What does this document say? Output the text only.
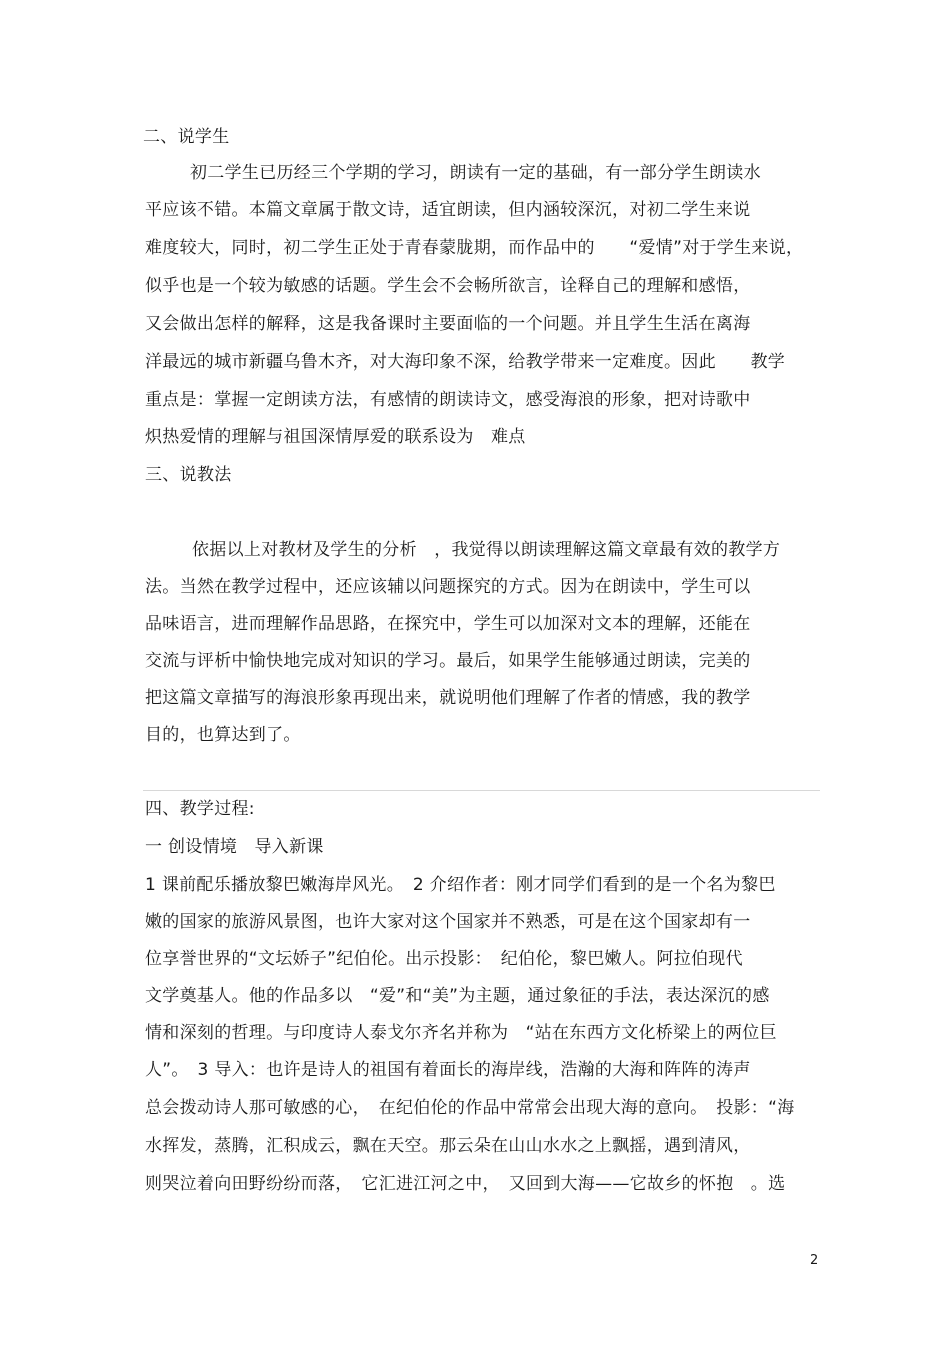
二、说学生
初二学生已历经三个学期的学习，朗读有一定的基础，有一部分学生朗读水
平应该不错。本篇文章属于散文诗，适宜朗读，但内涵较深沉，对初二学生来说
难度较大，同时，初二学生正处于青春蒙胧期，而作品中的　　“爱情”对于学生来说，
似乎也是一个较为敏感的话题。学生会不会畅所欲言，诠释自己的理解和感悟，
又会做出怎样的解释，这是我备课时主要面临的一个问题。并且学生生活在离海
洋最远的城市新疆乌鲁木齐，对大海印象不深，给教学带来一定难度。因此　　教学
重点是：掌握一定朗读方法，有感情的朗读诗文，感受海浪的形象，把对诗歌中
炽热爱情的理解与祖国深情厚爱的联系设为　难点
三、说教法
依据以上对教材及学生的分析　，我觉得以朗读理解这篇文章最有效的教学方
法。当然在教学过程中，还应该辅以问题探究的方式。因为在朗读中，学生可以
品味语言，进而理解作品思路，在探究中，学生可以加深对文本的理解，还能在
交流与评析中愉快地完成对知识的学习。最后，如果学生能够通过朗读，完美的
把这篇文章描写的海浪形象再现出来，就说明他们理解了作者的情感，我的教学
目的，也算达到了。
四、教学过程:
一 创设情境　导入新课
1 课前配乐播放黎巴嫩海岸风光。　2 介绍作者：刚才同学们看到的是一个名为黎巴
嫩的国家的旅游风景图，也许大家对这个国家并不熟悉，可是在这个国家却有一
位享誉世界的“文坛娇子”纪伯伦。出示投影：　纪伯伦，黎巴嫩人。阿拉伯现代
文学奠基人。他的作品多以　“爱”和“美”为主题，通过象征的手法，表达深沉的感
情和深刻的哲理。与印度诗人泰戈尔齐名并称为　“站在东西方文化桥梁上的两位巨
人”。　3 导入：也许是诗人的祖国有着面长的海岸线，浩瀚的大海和阵阵的涛声
总会拨动诗人那可敏感的心，　在纪伯伦的作品中常常会出现大海的意向。　投影：“海
水挥发，蒸腾，汇积成云，飘在天空。那云朵在山山水水之上飘摇，遇到清风，
则哭泣着向田野纷纷而落，　它汇进江河之中，　又回到大海——它故乡的怀抱　。选
2
